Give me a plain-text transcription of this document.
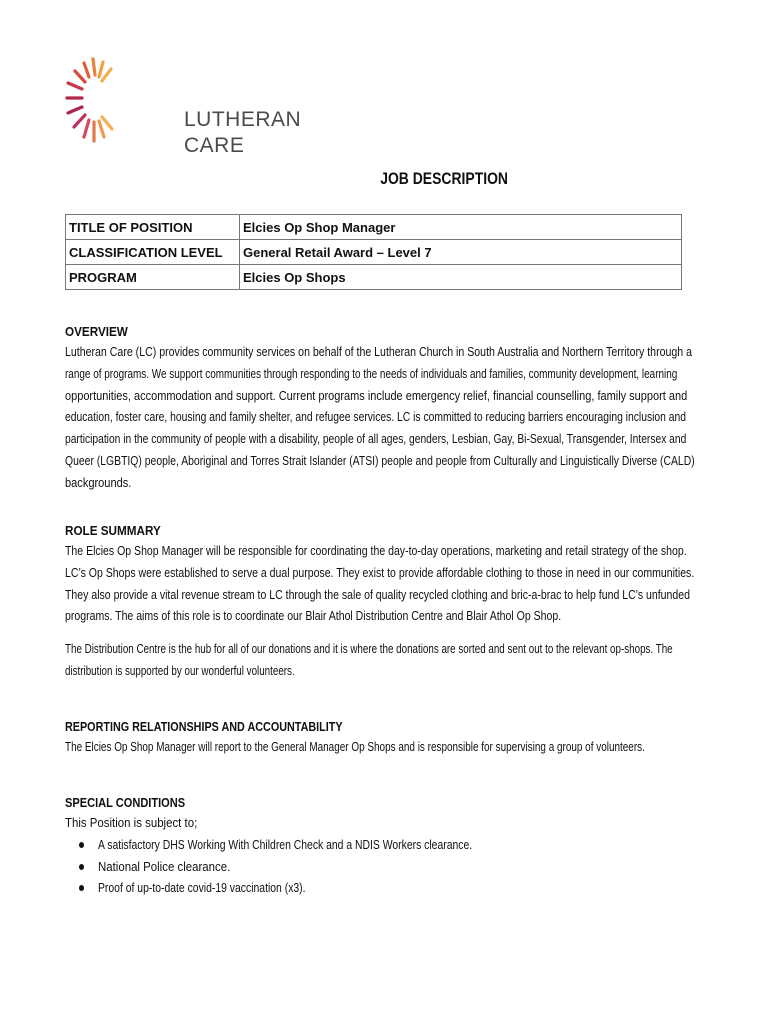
LUTHERAN
CARE
JOB DESCRIPTION
TITLE OF POSITION	Elcies Op Shop Manager
CLASSIFICATION LEVEL	General Retail Award – Level 7
PROGRAM	Elcies Op Shops
OVERVIEW
Lutheran Care (LC) provides community services on behalf of the Lutheran Church in South Australia and Northern Territory through a
range of programs. We support communities through responding to the needs of individuals and families, community development, learning
opportunities, accommodation and support. Current programs include emergency relief, financial counselling, family support and
education, foster care, housing and family shelter, and refugee services. LC is committed to reducing barriers encouraging inclusion and
participation in the community of people with a disability, people of all ages, genders, Lesbian, Gay, Bi-Sexual, Transgender, Intersex and
Queer (LGBTIQ) people, Aboriginal and Torres Strait Islander (ATSI) people and people from Culturally and Linguistically Diverse (CALD)
backgrounds.
ROLE SUMMARY
The Elcies Op Shop Manager will be responsible for coordinating the day-to-day operations, marketing and retail strategy of the shop.
LC’s Op Shops were established to serve a dual purpose. They exist to provide affordable clothing to those in need in our communities.
They also provide a vital revenue stream to LC through the sale of quality recycled clothing and bric-a-brac to help fund LC’s unfunded
programs. The aims of this role is to coordinate our Blair Athol Distribution Centre and Blair Athol Op Shop.
The Distribution Centre is the hub for all of our donations and it is where the donations are sorted and sent out to the relevant op-shops. The
distribution is supported by our wonderful volunteers.
REPORTING RELATIONSHIPS AND ACCOUNTABILITY
The Elcies Op Shop Manager will report to the General Manager Op Shops and is responsible for supervising a group of volunteers.
SPECIAL CONDITIONS
This Position is subject to;
A satisfactory DHS Working With Children Check and a NDIS Workers clearance.
National Police clearance.
Proof of up-to-date covid-19 vaccination (x3).
